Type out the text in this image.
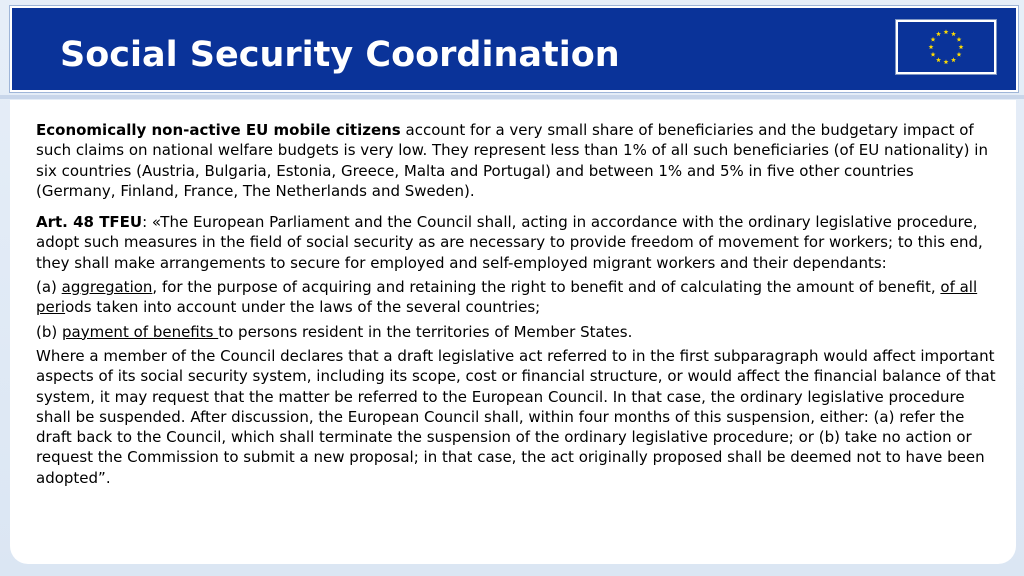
Social Security Coordination

Economically non-active EU mobile citizens account for a very small share of beneficiaries and the budgetary impact of such claims on national welfare budgets is very low. They represent less than 1% of all such beneficiaries (of EU nationality) in six countries (Austria, Bulgaria, Estonia, Greece, Malta and Portugal) and between 1% and 5% in five other countries (Germany, Finland, France, The Netherlands and Sweden).

Art. 48 TFEU: «The European Parliament and the Council shall, acting in accordance with the ordinary legislative procedure, adopt such measures in the field of social security as are necessary to provide freedom of movement for workers; to this end, they shall make arrangements to secure for employed and self-employed migrant workers and their dependants:

(a) aggregation, for the purpose of acquiring and retaining the right to benefit and of calculating the amount of benefit, of all periods taken into account under the laws of the several countries;

(b) payment of benefits to persons resident in the territories of Member States.

Where a member of the Council declares that a draft legislative act referred to in the first subparagraph would affect important aspects of its social security system, including its scope, cost or financial structure, or would affect the financial balance of that system, it may request that the matter be referred to the European Council. In that case, the ordinary legislative procedure shall be suspended. After discussion, the European Council shall, within four months of this suspension, either: (a) refer the draft back to the Council, which shall terminate the suspension of the ordinary legislative procedure; or (b) take no action or request the Commission to submit a new proposal; in that case, the act originally proposed shall be deemed not to have been adopted”.
